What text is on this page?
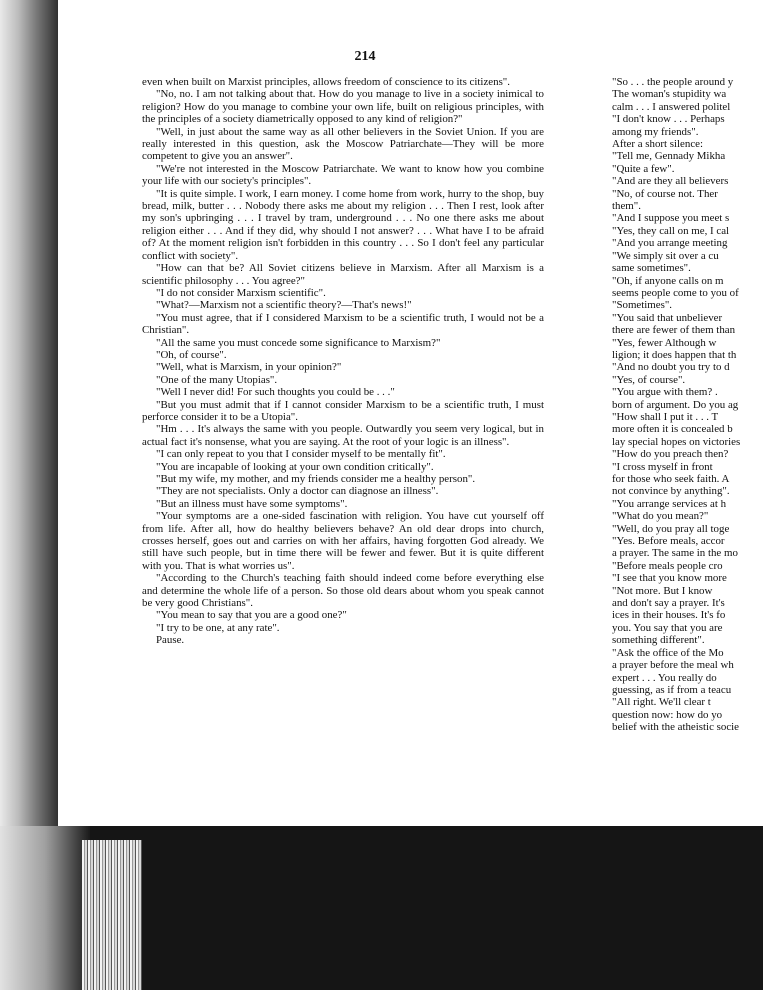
214

even when built on Marxist principles, allows freedom of conscience to its citizens".

"No, no. I am not talking about that. How do you manage to live in a society inimical to religion? How do you manage to combine your own life, built on religious principles, with the principles of a society diametrically opposed to any kind of religion?"

"Well, in just about the same way as all other believers in the Soviet Union. If you are really interested in this question, ask the Moscow Patriarchate—They will be more competent to give you an answer".

"We're not interested in the Moscow Patriarchate. We want to know how you combine your life with our society's principles".

"It is quite simple. I work, I earn money. I come home from work, hurry to the shop, buy bread, milk, butter . . . Nobody there asks me about my religion . . . Then I rest, look after my son's upbringing . . . I travel by tram, underground . . . No one there asks me about religion either . . . And if they did, why should I not answer? . . . What have I to be afraid of? At the moment religion isn't forbidden in this country . . . So I don't feel any particular conflict with society".

"How can that be? All Soviet citizens believe in Marxism. After all Marxism is a scientific philosophy . . . You agree?"

"I do not consider Marxism scientific".

"What?—Marxism not a scientific theory?—That's news!"

"You must agree, that if I considered Marxism to be a scientific truth, I would not be a Christian".

"All the same you must concede some significance to Marxism?"

"Oh, of course".

"Well, what is Marxism, in your opinion?"

"One of the many Utopias".

"Well I never did! For such thoughts you could be . . ."

"But you must admit that if I cannot consider Marxism to be a scientific truth, I must perforce consider it to be a Utopia".

"Hm . . . It's always the same with you people. Outwardly you seem very logical, but in actual fact it's nonsense, what you are saying. At the root of your logic is an illness".

"I can only repeat to you that I consider myself to be mentally fit".

"You are incapable of looking at your own condition critically".

"But my wife, my mother, and my friends consider me a healthy person".

"They are not specialists. Only a doctor can diagnose an illness".

"But an illness must have some symptoms".

"Your symptoms are a one-sided fascination with religion. You have cut yourself off from life. After all, how do healthy believers behave? An old dear drops into church, crosses herself, goes out and carries on with her affairs, having forgotten God already. We still have such people, but in time there will be fewer and fewer. But it is quite different with you. That is what worries us".

"According to the Church's teaching faith should indeed come before everything else and determine the whole life of a person. So those old dears about whom you speak cannot be very good Christians".

"You mean to say that you are a good one?"

"I try to be one, at any rate".

Pause.

"So . . . the people around y

The woman's stupidity wa

calm . . . I answered politel

"I don't know . . . Perhaps

among my friends".

After a short silence:

"Tell me, Gennady Mikha

"Quite a few".

"And are they all believers

"No, of course not. Ther

them".

"And I suppose you meet s

"Yes, they call on me, I cal

"And you arrange meeting

"We simply sit over a cu

same sometimes".

"Oh, if anyone calls on m

seems people come to you of

"Sometimes".

"You said that unbeliever

there are fewer of them than

"Yes, fewer Although w

ligion; it does happen that th

"And no doubt you try to d

"Yes, of course".

"You argue with them? .

born of argument. Do you ag

"How shall I put it . . . T

more often it is concealed b

lay special hopes on victories

"How do you preach then?

"I cross myself in front

for those who seek faith. A

not convince by anything".

"You arrange services at h

"What do you mean?"

"Well, do you pray all toge

"Yes. Before meals, accor

a prayer. The same in the mo

"Before meals people cro

"I see that you know more

"Not more. But I know

and don't say a prayer. It's

ices in their houses. It's fo

you. You say that you are

something different".

"Ask the office of the Mo

a prayer before the meal wh

expert . . . You really do

guessing, as if from a teacu

"All right. We'll clear t

question now: how do yo

belief with the atheistic socie
